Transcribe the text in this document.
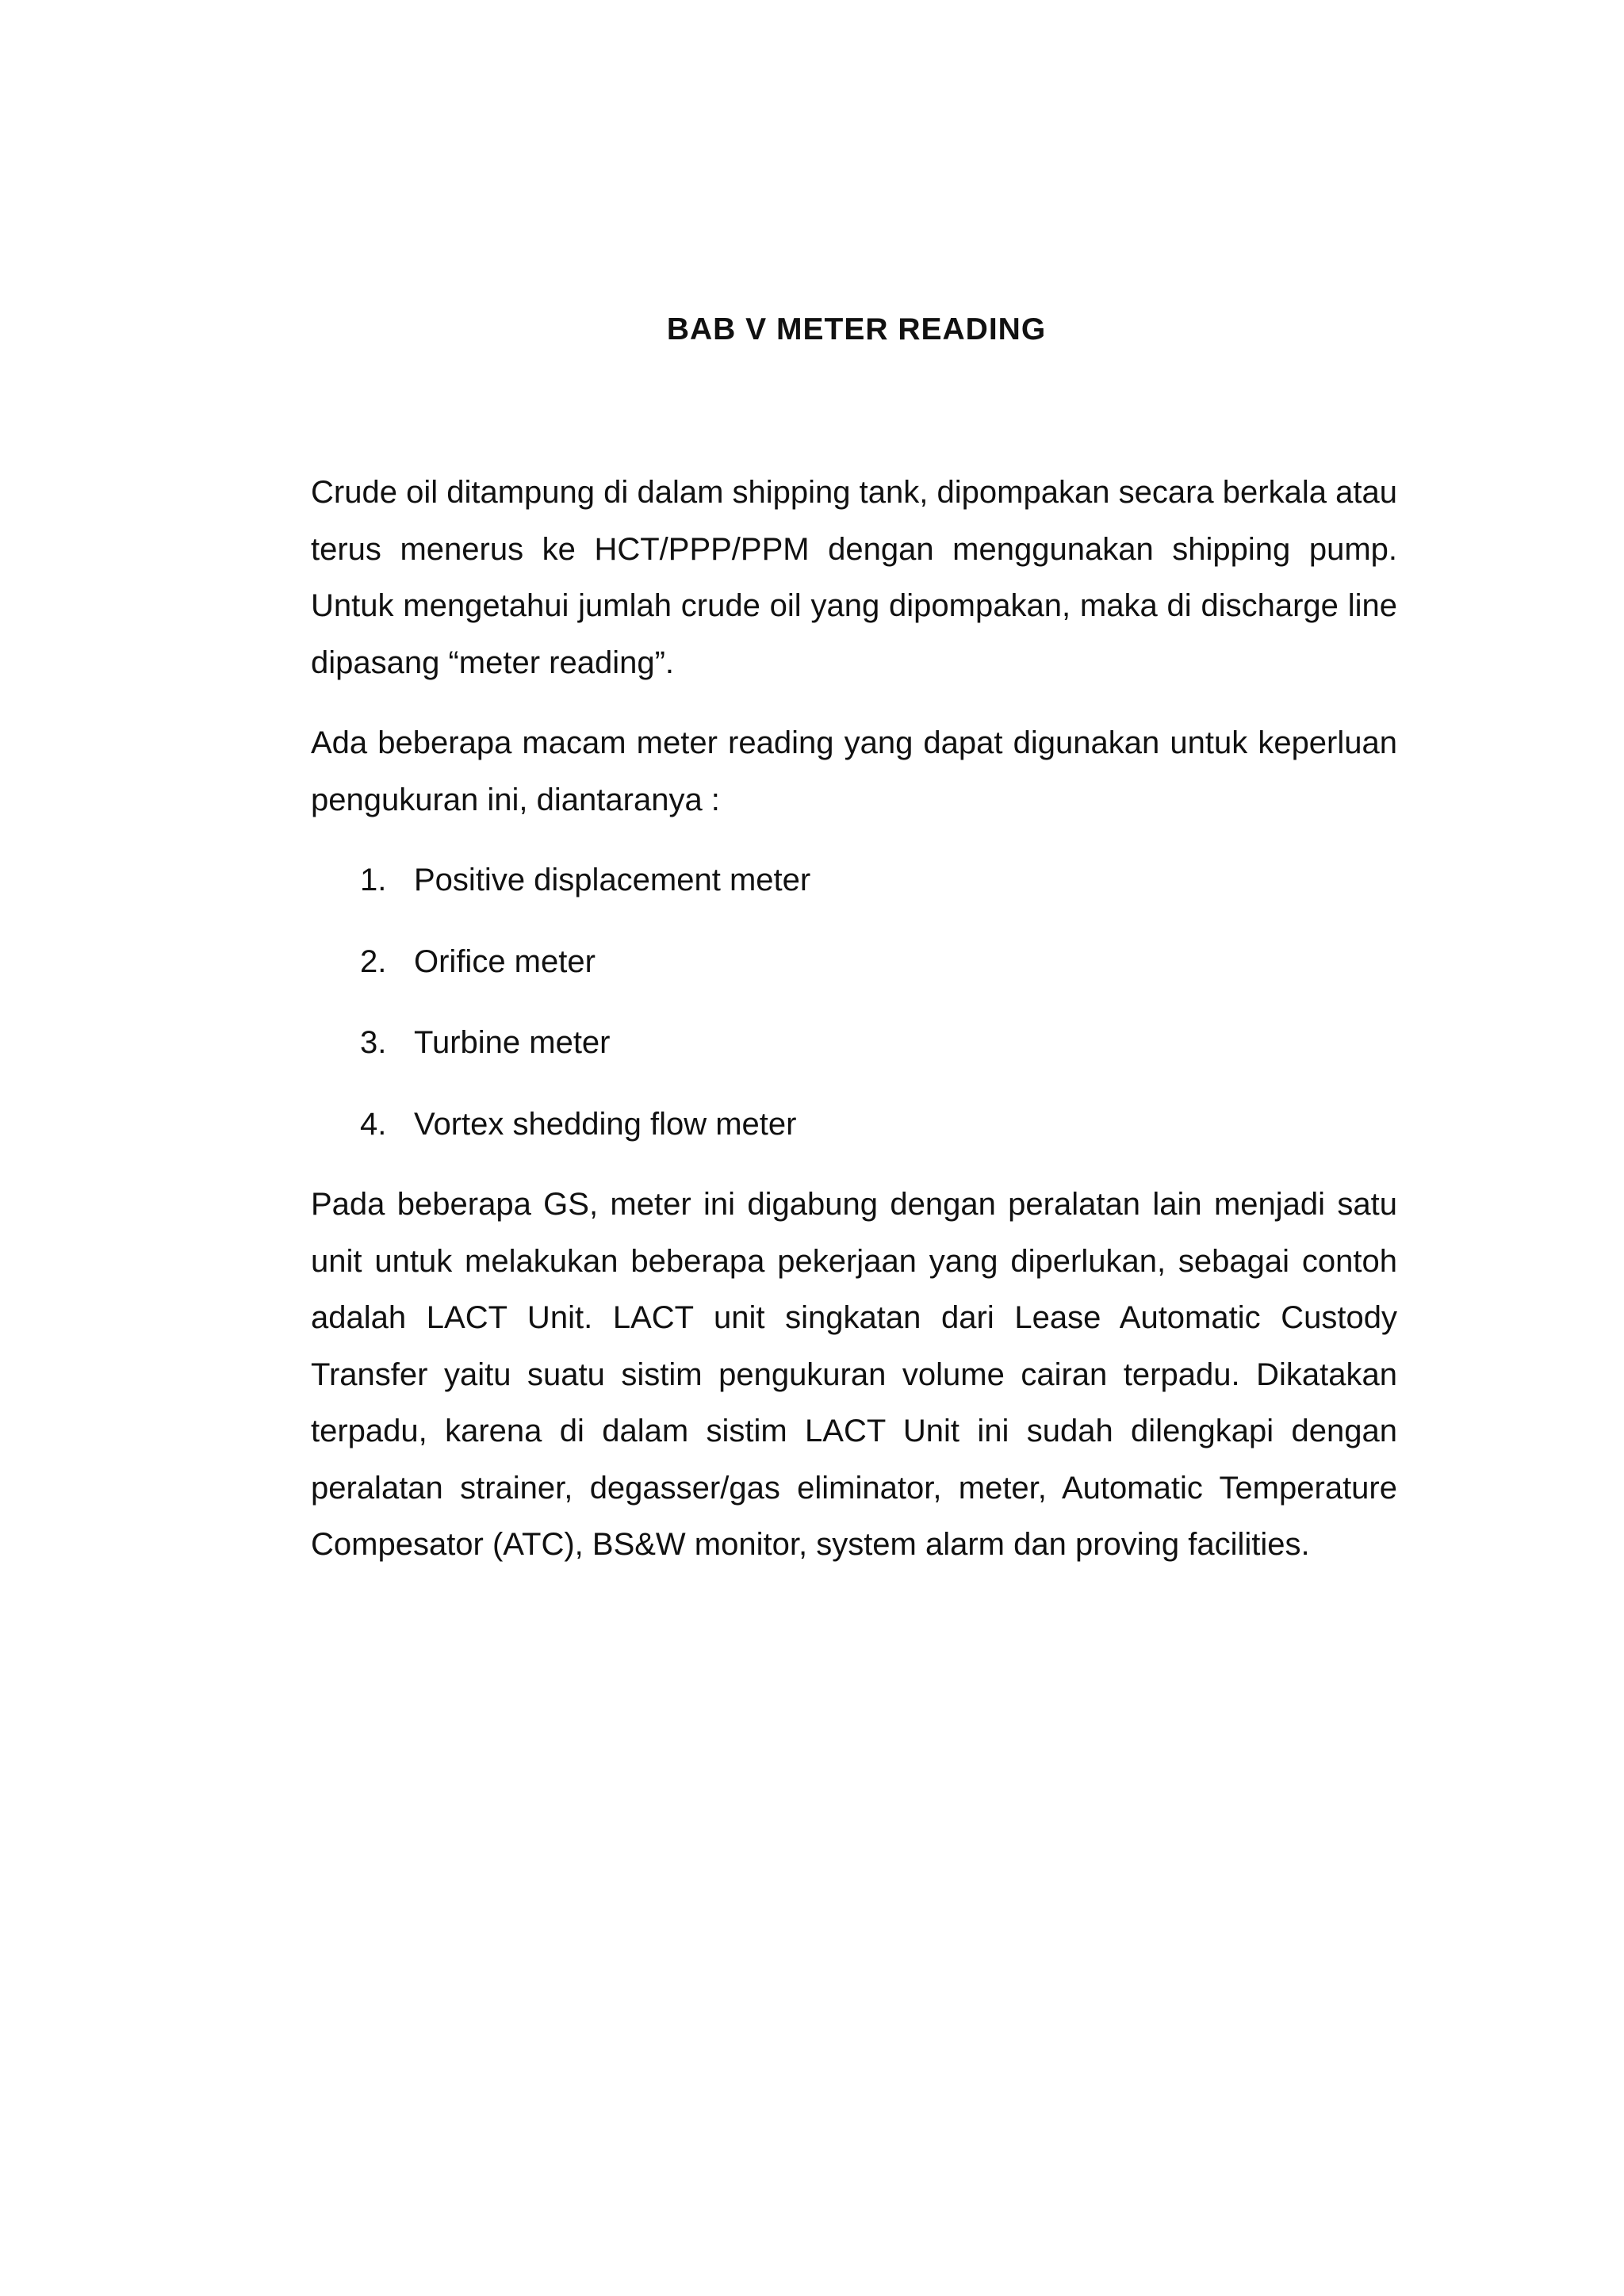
BAB V METER READING

Crude oil ditampung di dalam shipping tank, dipompakan secara berkala atau terus menerus ke HCT/PPP/PPM dengan menggunakan shipping pump. Untuk mengetahui jumlah crude oil yang dipompakan, maka di discharge line dipasang “meter reading”.

Ada beberapa macam meter reading yang dapat digunakan untuk keperluan pengukuran ini, diantaranya :

1. Positive displacement meter
2. Orifice meter
3. Turbine meter
4. Vortex shedding flow meter

Pada beberapa GS, meter ini digabung dengan peralatan lain menjadi satu unit untuk melakukan beberapa pekerjaan yang diperlukan, sebagai contoh adalah LACT Unit. LACT unit singkatan dari Lease Automatic Custody Transfer yaitu suatu sistim pengukuran volume cairan terpadu. Dikatakan terpadu, karena di dalam sistim LACT Unit ini sudah dilengkapi dengan peralatan strainer, degasser/gas eliminator, meter, Automatic Temperature Compesator (ATC), BS&W monitor, system alarm dan proving facilities.
